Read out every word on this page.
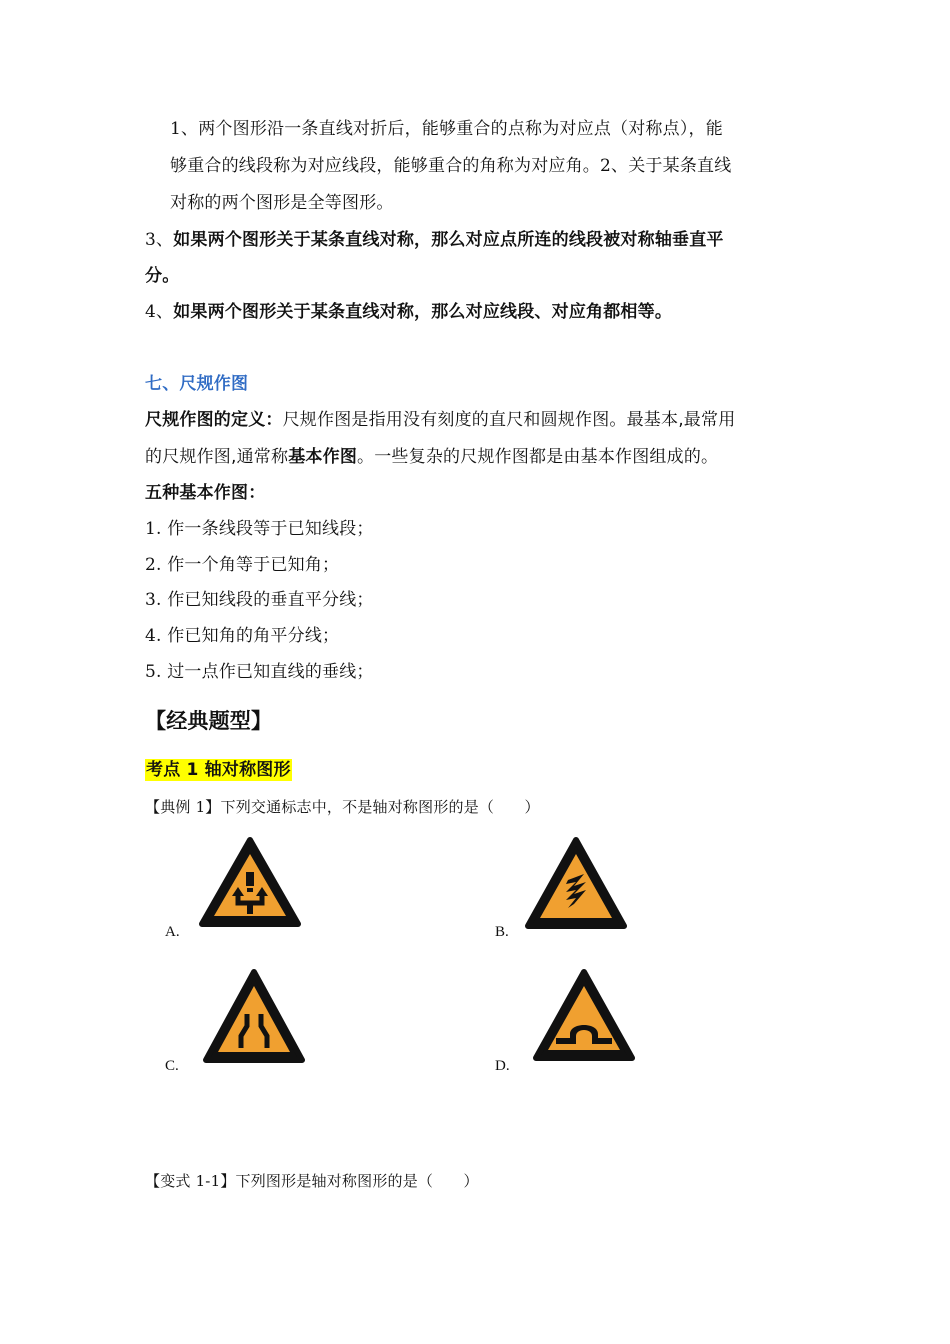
1、两个图形沿一条直线对折后，能够重合的点称为对应点（对称点），能
够重合的线段称为对应线段，能够重合的角称为对应角。2、关于某条直线
对称的两个图形是全等图形。
3、如果两个图形关于某条直线对称，那么对应点所连的线段被对称轴垂直平
分。
4、如果两个图形关于某条直线对称，那么对应线段、对应角都相等。
七、尺规作图
尺规作图的定义：尺规作图是指用没有刻度的直尺和圆规作图。最基本,最常用
的尺规作图,通常称基本作图。一些复杂的尺规作图都是由基本作图组成的。
五种基本作图：
1. 作一条线段等于已知线段；
2. 作一个角等于已知角；
3. 作已知线段的垂直平分线；
4. 作已知角的角平分线；
5. 过一点作已知直线的垂线；
【经典题型】
考点 1 轴对称图形
【典例 1】下列交通标志中，不是轴对称图形的是（　　）
A.	B.
C.	D.
【变式 1-1】下列图形是轴对称图形的是（　　）
